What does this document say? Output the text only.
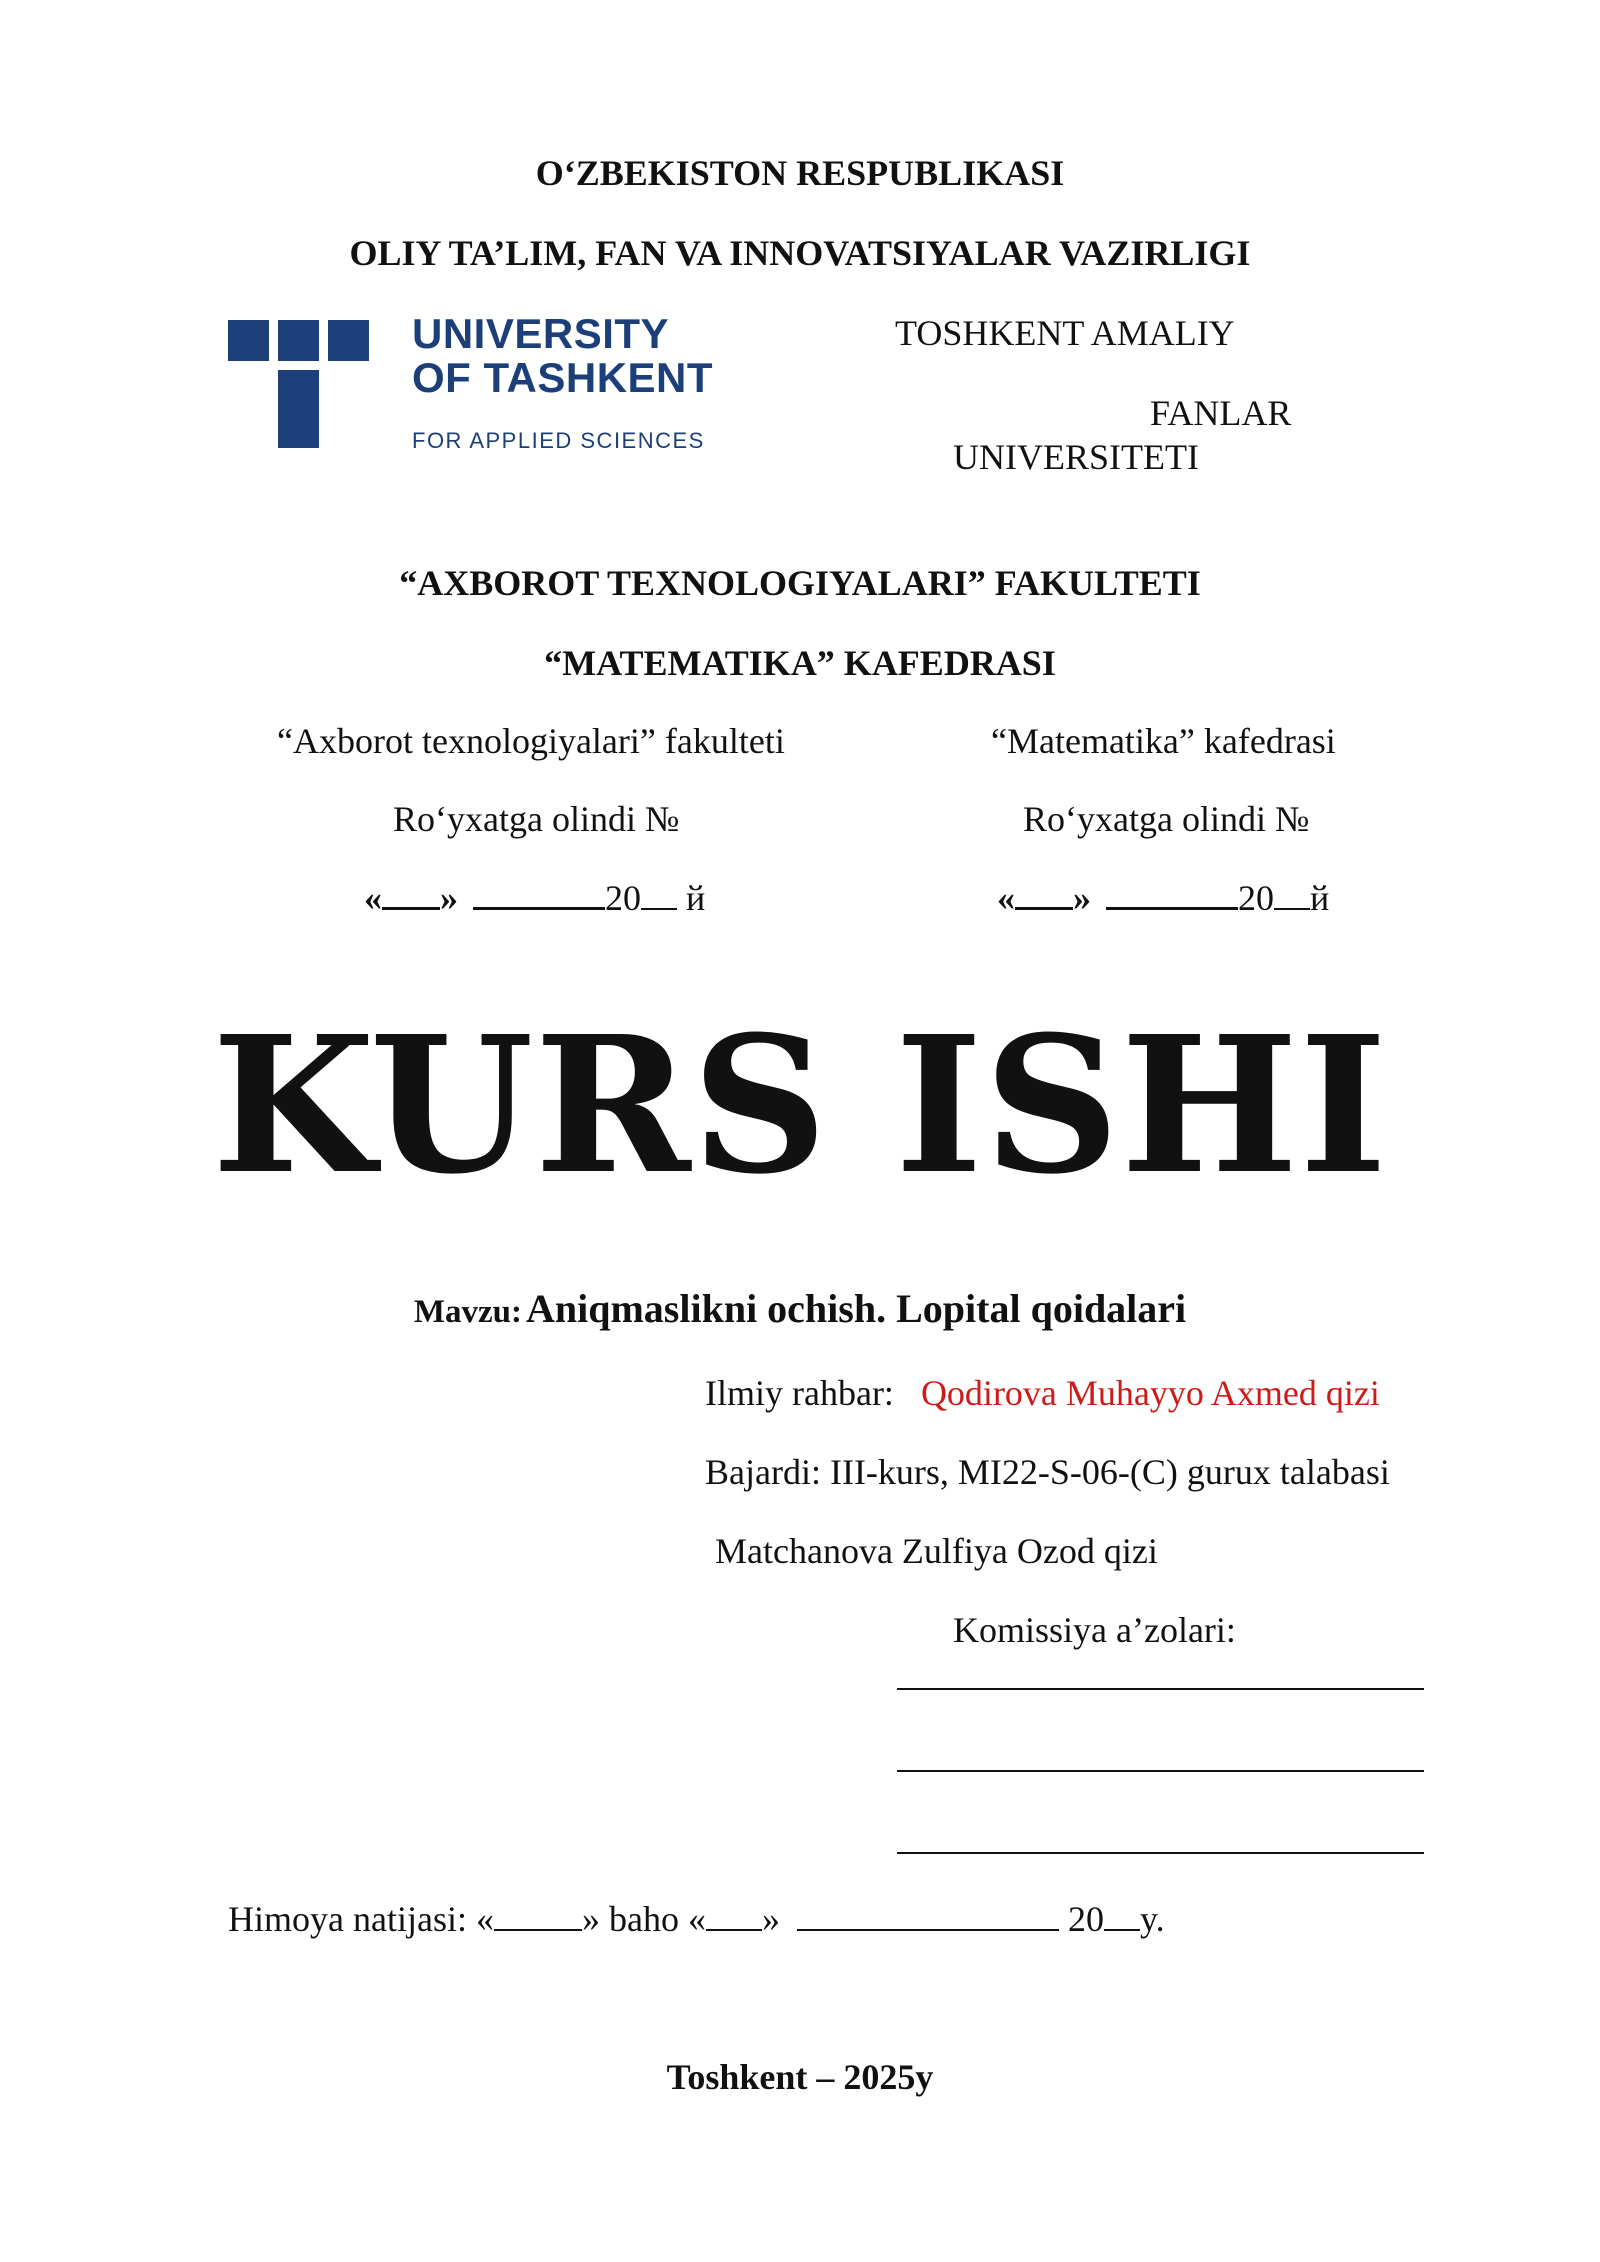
O‘ZBEKISTON RESPUBLIKASI
OLIY TA’LIM, FAN VA INNOVATSIYALAR VAZIRLIGI
UNIVERSITY
OF TASHKENT
FOR APPLIED SCIENCES
TOSHKENT AMALIY
FANLAR
UNIVERSITETI
“AXBOROT TEXNOLOGIYALARI” FAKULTETI
“MATEMATIKA” KAFEDRASI
“Axborot texnologiyalari” fakulteti
Ro‘yxatga olindi №
« »	20 й
“Matematika” kafedrasi
Ro‘yxatga olindi №
« »	20 й
KURS ISHI
Mavzu: Aniqmaslikni ochish. Lopital qoidalari
Ilmiy rahbar: Qodirova Muhayyo Axmed qizi
Bajardi: III-kurs, MI22-S-06-(C) gurux talabasi
Matchanova Zulfiya Ozod qizi
Komissiya a’zolari:
Himoya natijasi: « » baho « »	20 y.
Toshkent – 2025y
